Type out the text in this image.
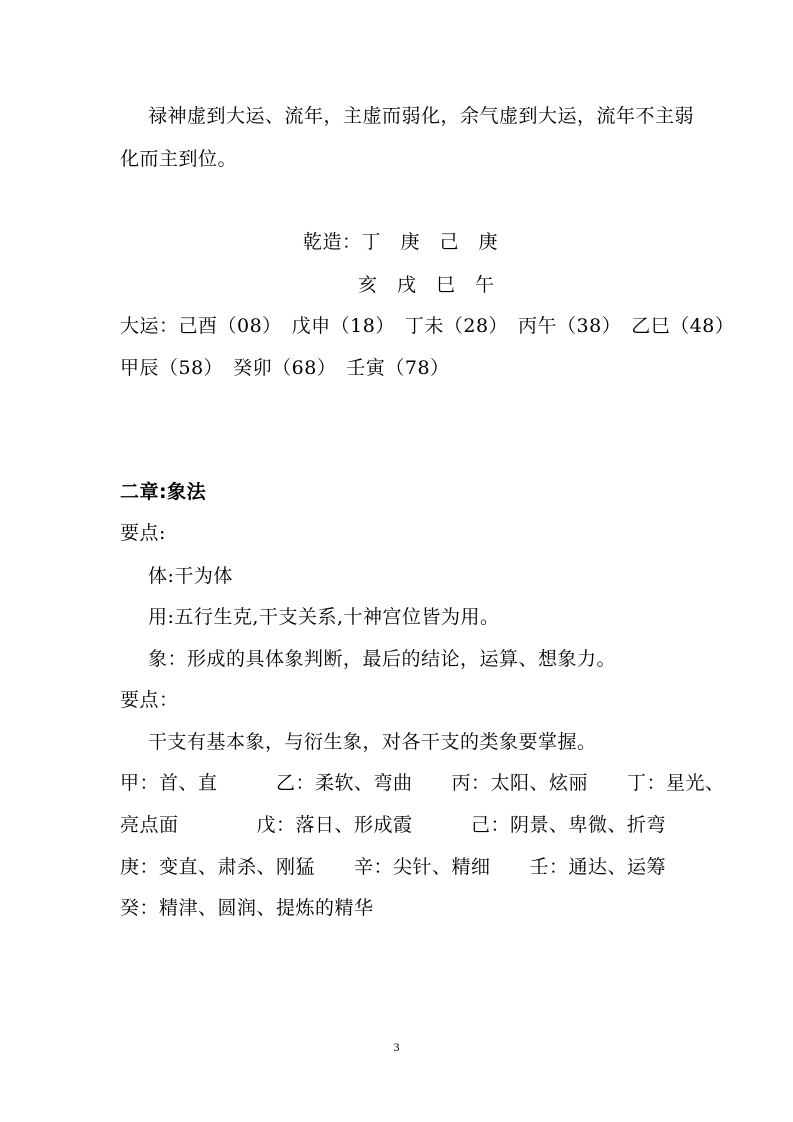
禄神虚到大运、流年，主虚而弱化，余气虚到大运，流年不主弱
化而主到位。
乾造：丁　庚　己　庚
亥　戌　巳　午
大运：己酉（08）　戊申（18）　丁未（28）　丙午（38）　乙巳（48）
甲辰（58）　癸卯（68）　壬寅（78）
二章:象法
要点:
体:干为体
用:五行生克,干支关系,十神宫位皆为用。
象：形成的具体象判断，最后的结论，运算、想象力。
要点：
干支有基本象，与衍生象，对各干支的类象要掌握。
甲：首、直　　　乙：柔软、弯曲　　丙：太阳、炫丽　　丁：星光、
亮点面　　　　戊：落日、形成霞　　　己：阴景、卑微、折弯
庚：变直、肃杀、刚猛　　辛：尖针、精细　　壬：通达、运筹
癸：精津、圆润、提炼的精华
3
